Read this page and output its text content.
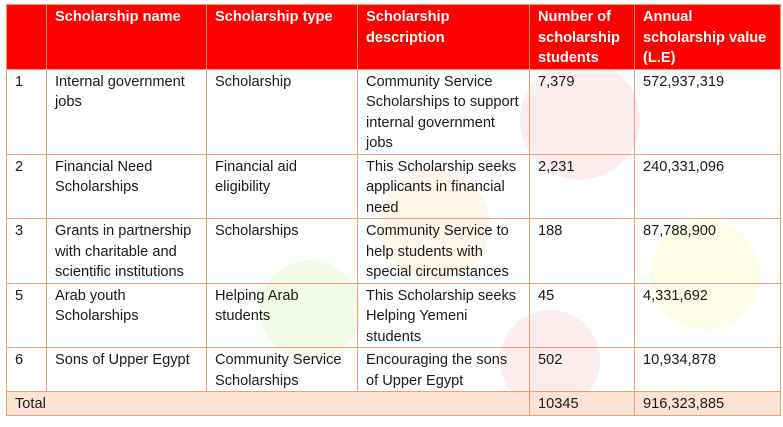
	Scholarship name	Scholarship type	Scholarship description	Number of scholarship students	Annual scholarship value (L.E)
1	Internal government jobs	Scholarship	Community Service Scholarships to support internal government jobs	7,379	572,937,319
2	Financial Need Scholarships	Financial aid eligibility	This Scholarship seeks applicants in financial need	2,231	240,331,096
3	Grants in partnership with charitable and scientific institutions	Scholarships	Community Service to help students with special circumstances	188	87,788,900
5	Arab youth Scholarships	Helping Arab students	This Scholarship seeks Helping Yemeni students	45	4,331,692
6	Sons of Upper Egypt	Community Service Scholarships	Encouraging the sons of Upper Egypt	502	10,934,878
Total				10345	916,323,885
